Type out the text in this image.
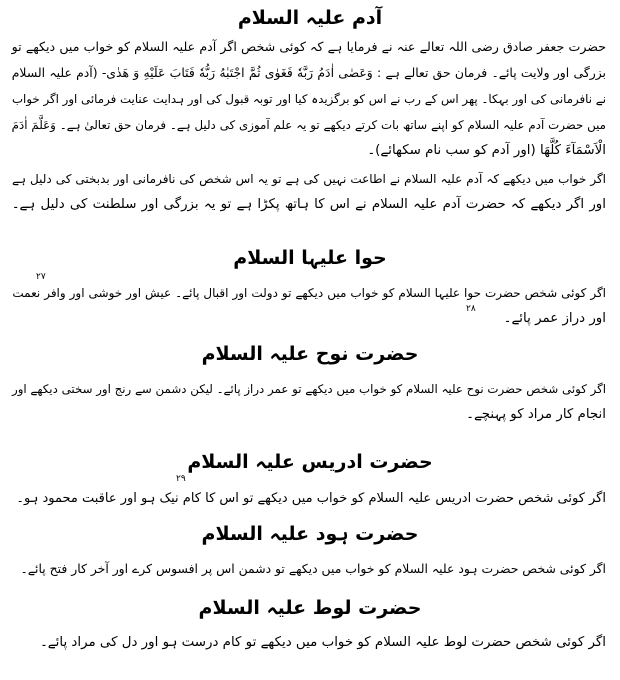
آدم علیہ السلام
حضرت جعفر صادق رضی اللہ تعالے عنہ نے فرمایا ہے کہ کوئی شخص اگر آدم علیہ السلام کو خواب میں دیکھے تو
بزرگی اور ولایت پائے۔ فرمان حق تعالے ہے : وَعَصٰى اٰدَمُ رَبَّهٗ فَغَوٰى ثُمَّ اجْتَبٰهُ رَبُّهٗ فَتَابَ عَلَيْهِ وَ هَدٰى- (آدم علیہ السلام
نے نافرمانی کی اور بہکا۔ پھر اس کے رب نے اس کو برگزیدہ کیا اور توبہ قبول کی اور ہدایت عنایت فرمائی اور اگر خواب
میں حضرت آدم علیہ السلام کو اپنے ساتھ بات کرتے دیکھے تو یہ علم آموزی کی دلیل ہے۔ فرمان حق تعالیٰ ہے۔ وَعَلَّمَ اٰدَمَ
الْاَسْمَآءَ كُلَّهَا (اور آدم کو سب نام سکھائے)۔
اگر خواب میں دیکھے کہ آدم علیہ السلام نے اطاعت نہیں کی ہے تو یہ اس شخص کی نافرمانی اور بدبختی کی دلیل ہے
اور اگر دیکھے کہ حضرت آدم علیہ السلام نے اس کا ہاتھ پکڑا ہے تو یہ بزرگی اور سلطنت کی دلیل ہے۔
حوا علیہا السلام
۲۷
اگر کوئی شخص حضرت حوا علیہا السلام کو خواب میں دیکھے تو دولت اور اقبال پائے۔ عیش اور خوشی اور وافر نعمت
اور دراز عمر پائے۔
۲۸
حضرت نوح علیہ السلام
اگر کوئی شخص حضرت نوح علیہ السلام کو خواب میں دیکھے تو عمر دراز پائے۔ لیکن دشمن سے رنج اور سختی دیکھے اور
انجام کار مراد کو پہنچے۔
حضرت ادریس علیہ السلام
۲۹
اگر کوئی شخص حضرت ادریس علیہ السلام کو خواب میں دیکھے تو اس کا کام نیک ہو اور عاقبت محمود ہو۔
حضرت ہود علیہ السلام
اگر کوئی شخص حضرت ہود علیہ السلام کو خواب میں دیکھے تو دشمن اس پر افسوس کرے اور آخر کار فتح پائے۔
حضرت لوط علیہ السلام
اگر کوئی شخص حضرت لوط علیہ السلام کو خواب میں دیکھے تو کام درست ہو اور دل کی مراد پائے۔
